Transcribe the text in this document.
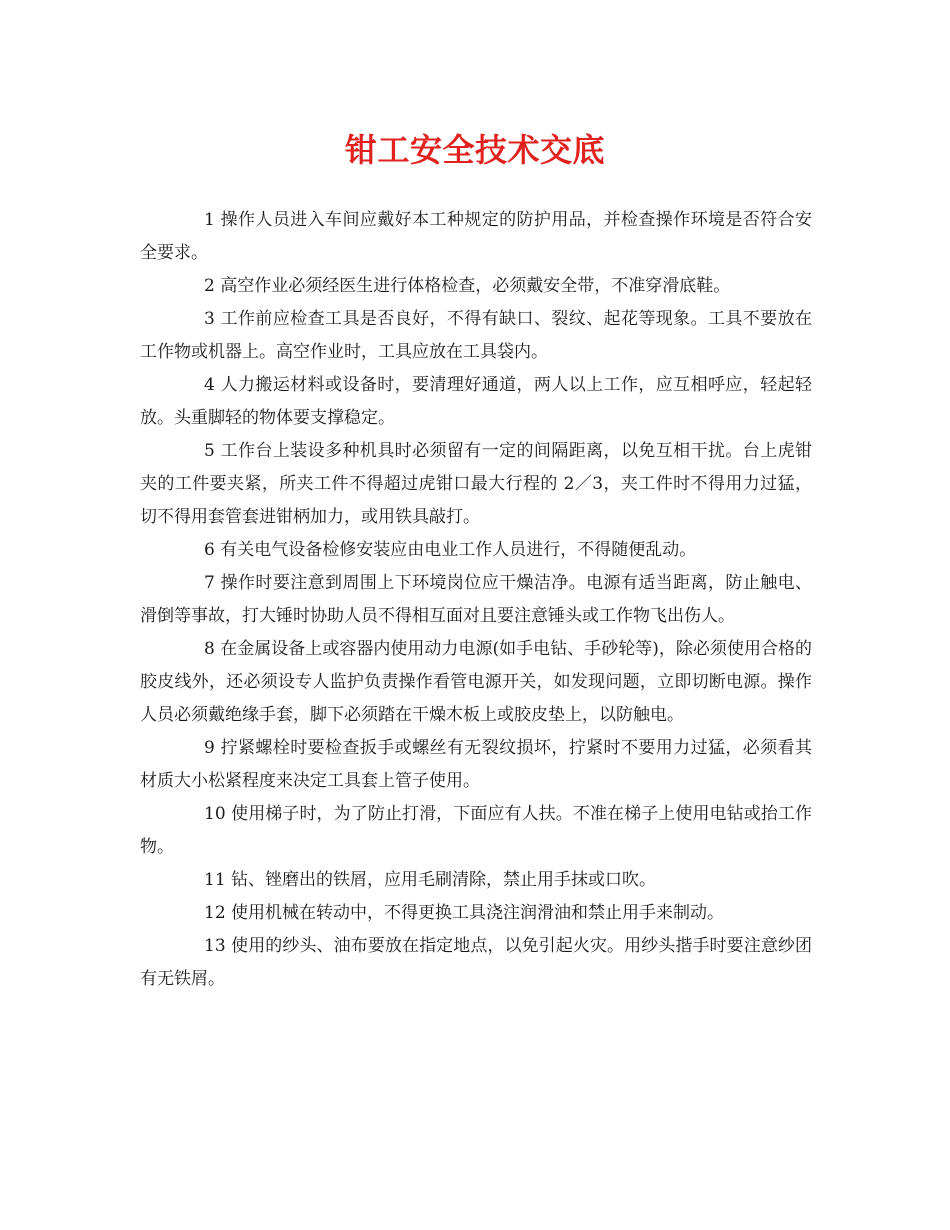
钳工安全技术交底

1 操作人员进入车间应戴好本工种规定的防护用品，并检查操作环境是否符合安全要求。

2 高空作业必须经医生进行体格检查，必须戴安全带，不准穿滑底鞋。

3 工作前应检查工具是否良好，不得有缺口、裂纹、起花等现象。工具不要放在工作物或机器上。高空作业时，工具应放在工具袋内。

4 人力搬运材料或设备时，要清理好通道，两人以上工作，应互相呼应，轻起轻放。头重脚轻的物体要支撑稳定。

5 工作台上装设多种机具时必须留有一定的间隔距离，以免互相干扰。台上虎钳夹的工件要夹紧，所夹工件不得超过虎钳口最大行程的 2／3，夹工件时不得用力过猛，切不得用套管套进钳柄加力，或用铁具敲打。

6 有关电气设备检修安装应由电业工作人员进行，不得随便乱动。

7 操作时要注意到周围上下环境岗位应干燥洁净。电源有适当距离，防止触电、滑倒等事故，打大锤时协助人员不得相互面对且要注意锤头或工作物飞出伤人。

8 在金属设备上或容器内使用动力电源(如手电钻、手砂轮等)，除必须使用合格的胶皮线外，还必须设专人监护负责操作看管电源开关，如发现问题，立即切断电源。操作人员必须戴绝缘手套，脚下必须踏在干燥木板上或胶皮垫上，以防触电。

9 拧紧螺栓时要检查扳手或螺丝有无裂纹损坏，拧紧时不要用力过猛，必须看其材质大小松紧程度来决定工具套上管子使用。

10 使用梯子时，为了防止打滑，下面应有人扶。不准在梯子上使用电钻或抬工作物。

11 钻、锉磨出的铁屑，应用毛刷清除，禁止用手抹或口吹。

12 使用机械在转动中，不得更换工具浇注润滑油和禁止用手来制动。

13 使用的纱头、油布要放在指定地点，以免引起火灾。用纱头揩手时要注意纱团有无铁屑。
